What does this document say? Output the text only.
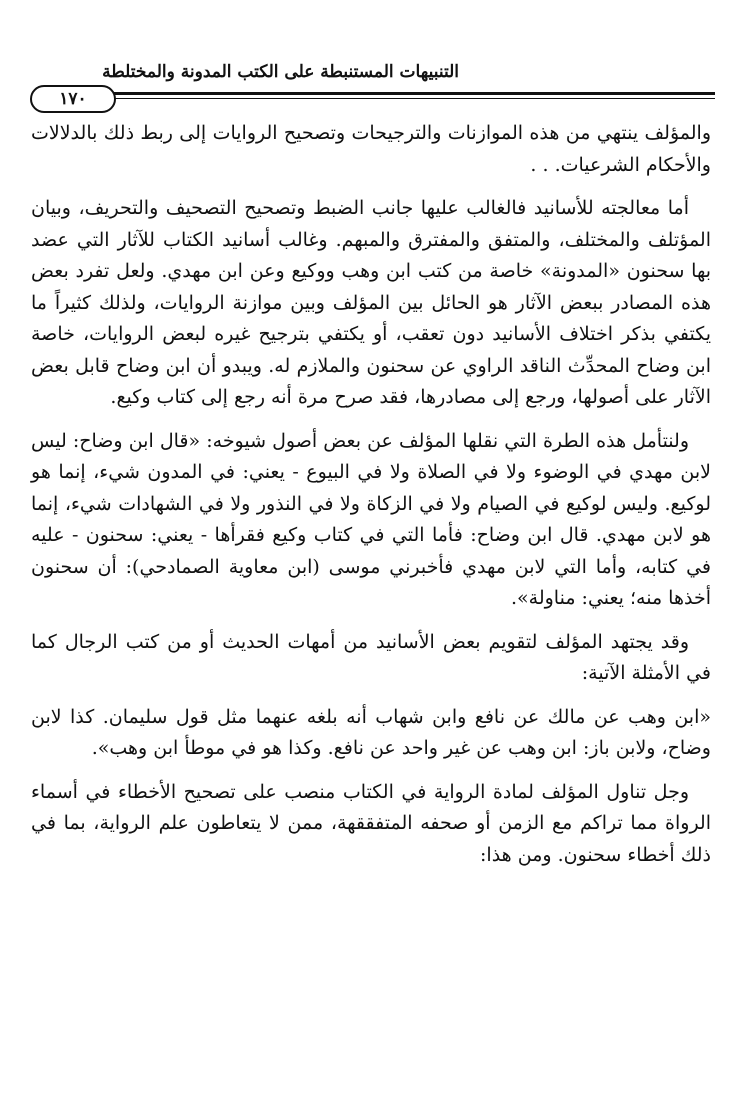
التنبيهات المستنبطة على الكتب المدونة والمختلطة
١٧٠

والمؤلف ينتهي من هذه الموازنات والترجيحات وتصحيح الروايات إلى ربط ذلك بالدلالات والأحكام الشرعيات. . .

أما معالجته للأسانيد فالغالب عليها جانب الضبط وتصحيح التصحيف والتحريف، وبيان المؤتلف والمختلف، والمتفق والمفترق والمبهم. وغالب أسانيد الكتاب للآثار التي عضد بها سحنون «المدونة» خاصة من كتب ابن وهب ووكيع وعن ابن مهدي. ولعل تفرد بعض هذه المصادر ببعض الآثار هو الحائل بين المؤلف وبين موازنة الروايات، ولذلك كثيراً ما يكتفي بذكر اختلاف الأسانيد دون تعقب، أو يكتفي بترجيح غيره لبعض الروايات، خاصة ابن وضاح المحدِّث الناقد الراوي عن سحنون والملازم له. ويبدو أن ابن وضاح قابل بعض الآثار على أصولها، ورجع إلى مصادرها، فقد صرح مرة أنه رجع إلى كتاب وكيع.

ولنتأمل هذه الطرة التي نقلها المؤلف عن بعض أصول شيوخه: «قال ابن وضاح: ليس لابن مهدي في الوضوء ولا في الصلاة ولا في البيوع - يعني: في المدون شيء، إنما هو لوكيع. وليس لوكيع في الصيام ولا في الزكاة ولا في النذور ولا في الشهادات شيء، إنما هو لابن مهدي. قال ابن وضاح: فأما التي في كتاب وكيع فقرأها - يعني: سحنون - عليه في كتابه، وأما التي لابن مهدي فأخبرني موسى (ابن معاوية الصمادحي): أن سحنون أخذها منه؛ يعني: مناولة».

وقد يجتهد المؤلف لتقويم بعض الأسانيد من أمهات الحديث أو من كتب الرجال كما في الأمثلة الآتية:

«ابن وهب عن مالك عن نافع وابن شهاب أنه بلغه عنهما مثل قول سليمان. كذا لابن وضاح، ولابن باز: ابن وهب عن غير واحد عن نافع. وكذا هو في موطأ ابن وهب».

وجل تناول المؤلف لمادة الرواية في الكتاب منصب على تصحيح الأخطاء في أسماء الرواة مما تراكم مع الزمن أو صحفه المتفققهة، ممن لا يتعاطون علم الرواية، بما في ذلك أخطاء سحنون. ومن هذا:
